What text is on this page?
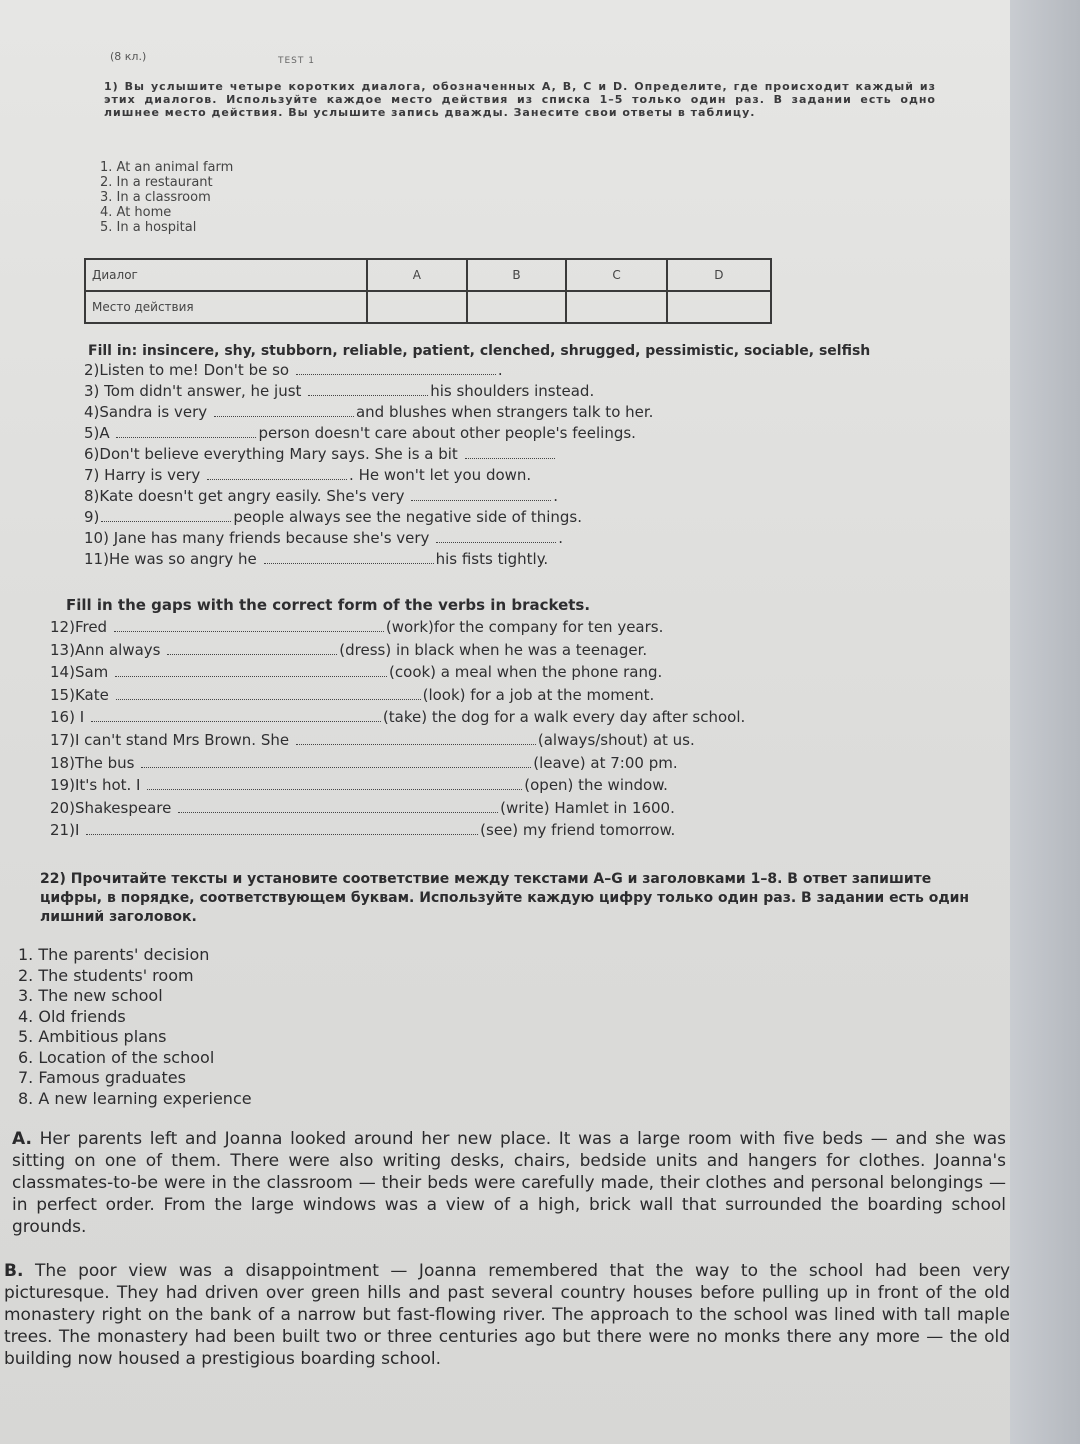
(8 кл.)	TEST 1
1) Вы услышите четыре коротких диалога, обозначенных A, B, C и D. Определите, где происходит каждый из этих диалогов. Используйте каждое место действия из списка 1–5 только один раз. В задании есть одно лишнее место действия. Вы услышите запись дважды. Занесите свои ответы в таблицу.
1. At an animal farm
2. In a restaurant
3. In a classroom
4. At home
5. In a hospital
Диалог	A	B	C	D
Место действия				
Fill in: insincere, shy, stubborn, reliable, patient, clenched, shrugged, pessimistic, sociable, selfish
2)Listen to me! Don't be so	.
3) Tom didn't answer, he just	his shoulders instead.
4)Sandra is very	and blushes when strangers talk to her.
5)A	person doesn't care about other people's feelings.
6)Don't believe everything Mary says. She is a bit
7) Harry is very	. He won't let you down.
8)Kate doesn't get angry easily. She's very	.
9)	people always see the negative side of things.
10) Jane has many friends because she's very	.
11)He was so angry he	his fists tightly.
Fill in the gaps with the correct form of the verbs in brackets.
12)Fred	(work)for the company for ten years.
13)Ann always	(dress) in black when he was a teenager.
14)Sam	(cook) a meal when the phone rang.
15)Kate	(look) for a job at the moment.
16) I	(take) the dog for a walk every day after school.
17)I can't stand Mrs Brown. She	(always/shout) at us.
18)The bus	(leave) at 7:00 pm.
19)It's hot. I	(open) the window.
20)Shakespeare	(write) Hamlet in 1600.
21)I	(see) my friend tomorrow.
22) Прочитайте тексты и установите соответствие между текстами A–G и заголовками 1–8. В ответ запишите цифры, в порядке, соответствующем буквам. Используйте каждую цифру только один раз. В задании есть один лишний заголовок.
1. The parents' decision
2. The students' room
3. The new school
4. Old friends
5. Ambitious plans
6. Location of the school
7. Famous graduates
8. A new learning experience
A. Her parents left and Joanna looked around her new place. It was a large room with five beds — and she was sitting on one of them. There were also writing desks, chairs, bedside units and hangers for clothes. Joanna's classmates-to-be were in the classroom — their beds were carefully made, their clothes and personal belongings — in perfect order. From the large windows was a view of a high, brick wall that surrounded the boarding school grounds.
B. The poor view was a disappointment — Joanna remembered that the way to the school had been very picturesque. They had driven over green hills and past several country houses before pulling up in front of the old monastery right on the bank of a narrow but fast-flowing river. The approach to the school was lined with tall maple trees. The monastery had been built two or three centuries ago but there were no monks there any more — the old building now housed a prestigious boarding school.
